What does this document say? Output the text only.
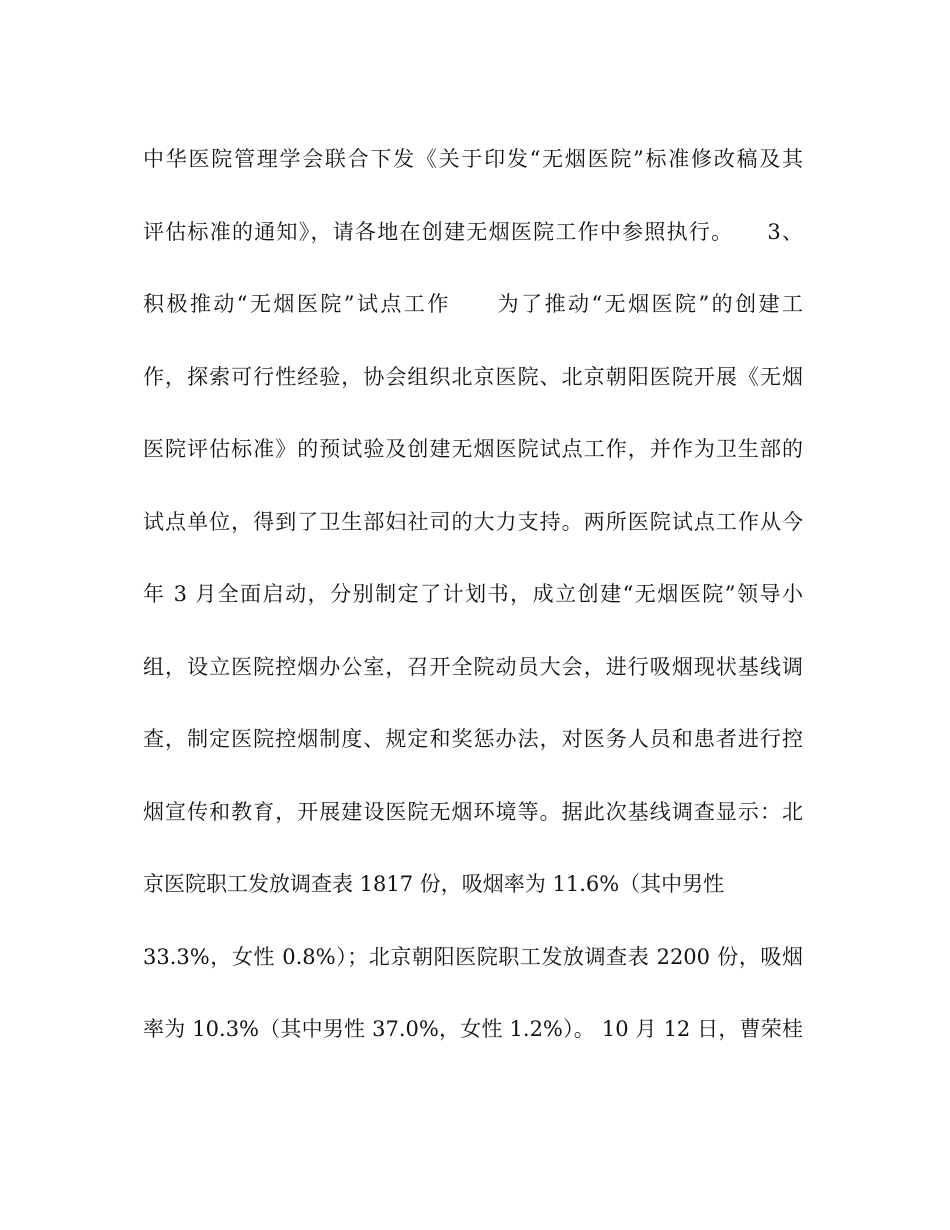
中华医院管理学会联合下发《关于印发“无烟医院”标准修改稿及其
评估标准的通知》，请各地在创建无烟医院工作中参照执行。　　3、
积极推动“无烟医院”试点工作　　为了推动“无烟医院”的创建工
作，探索可行性经验，协会组织北京医院、北京朝阳医院开展《无烟
医院评估标准》的预试验及创建无烟医院试点工作，并作为卫生部的
试点单位，得到了卫生部妇社司的大力支持。两所医院试点工作从今
年 3 月全面启动，分别制定了计划书，成立创建“无烟医院”领导小
组，设立医院控烟办公室，召开全院动员大会，进行吸烟现状基线调
查，制定医院控烟制度、规定和奖惩办法，对医务人员和患者进行控
烟宣传和教育，开展建设医院无烟环境等。据此次基线调查显示：北
京医院职工发放调查表 1817 份，吸烟率为 11.6%（其中男性
33.3%，女性 0.8%）；北京朝阳医院职工发放调查表 2200 份，吸烟
率为 10.3%（其中男性 37.0%，女性 1.2%）。 10 月 12 日，曹荣桂
